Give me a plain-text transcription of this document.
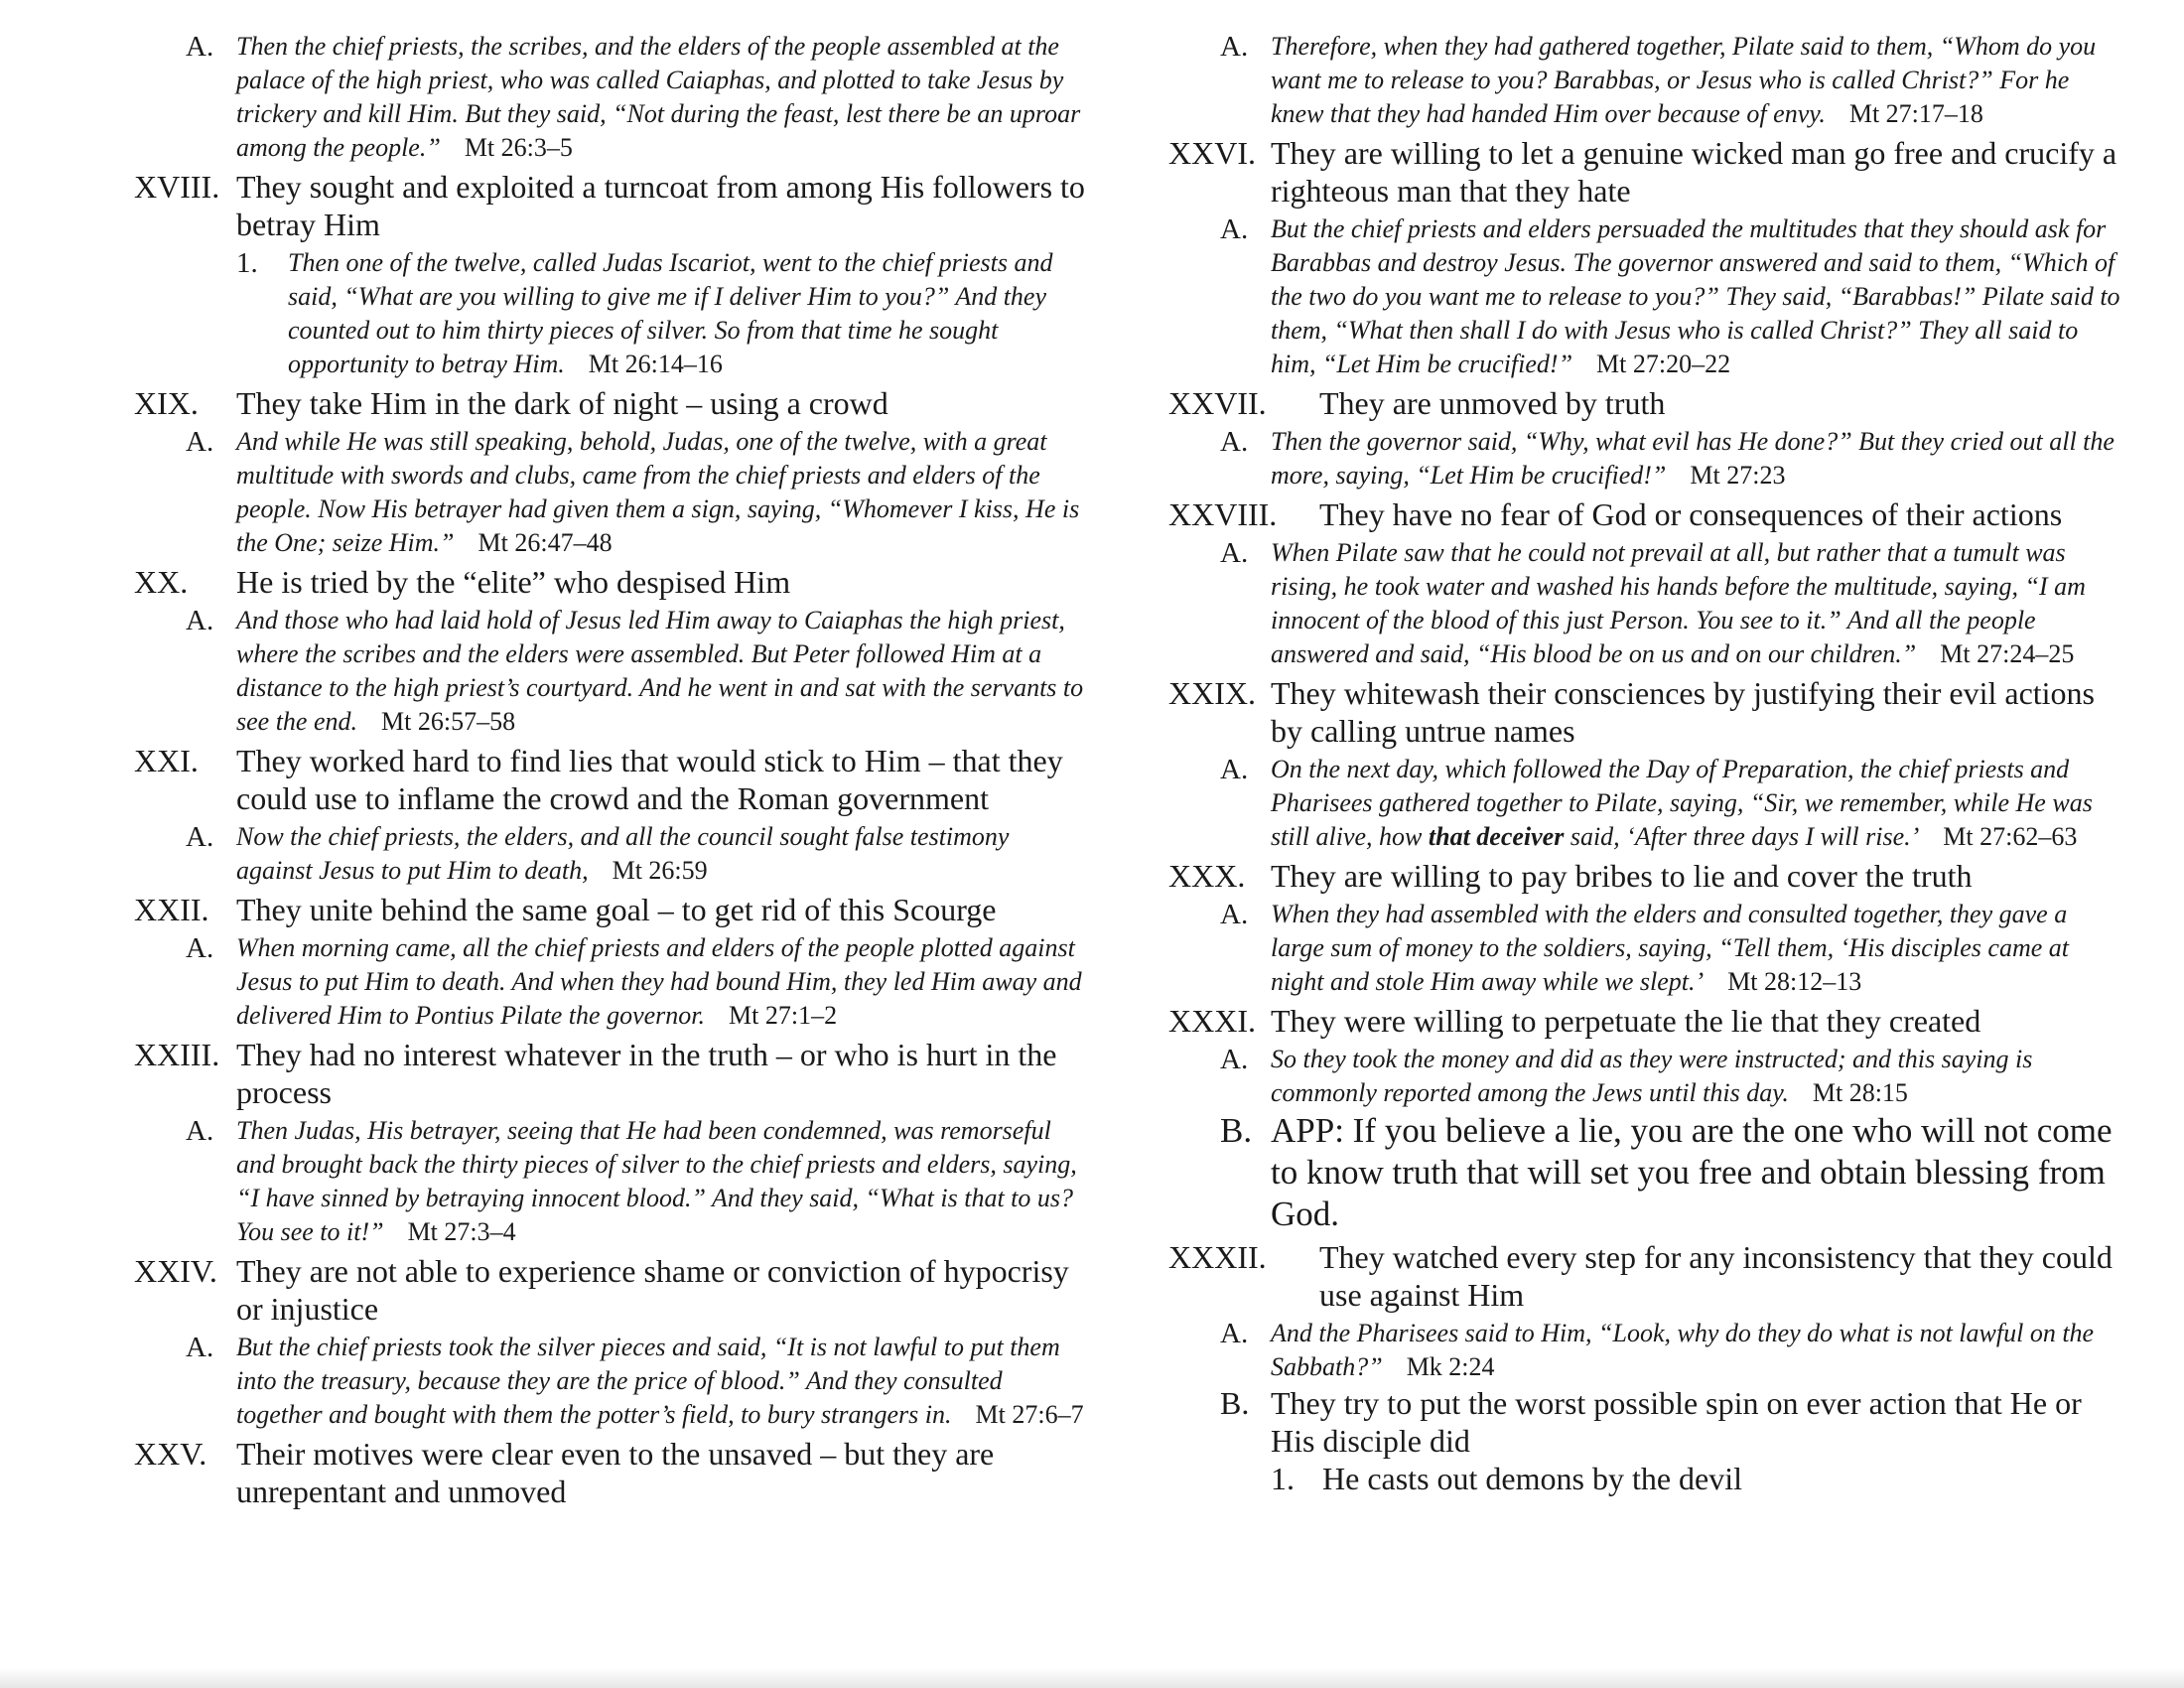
A. Then the chief priests, the scribes, and the elders of the people assembled at the palace of the high priest, who was called Caiaphas, and plotted to take Jesus by trickery and kill Him. But they said, “Not during the feast, lest there be an uproar among the people.” Mt 26:3–5
XVIII. They sought and exploited a turncoat from among His followers to betray Him
1. Then one of the twelve, called Judas Iscariot, went to the chief priests and said, “What are you willing to give me if I deliver Him to you?” And they counted out to him thirty pieces of silver. So from that time he sought opportunity to betray Him. Mt 26:14–16
XIX. They take Him in the dark of night – using a crowd
A. And while He was still speaking, behold, Judas, one of the twelve, with a great multitude with swords and clubs, came from the chief priests and elders of the people. Now His betrayer had given them a sign, saying, “Whomever I kiss, He is the One; seize Him.” Mt 26:47–48
XX. He is tried by the “elite” who despised Him
A. And those who had laid hold of Jesus led Him away to Caiaphas the high priest, where the scribes and the elders were assembled. But Peter followed Him at a distance to the high priest’s courtyard. And he went in and sat with the servants to see the end. Mt 26:57–58
XXI. They worked hard to find lies that would stick to Him – that they could use to inflame the crowd and the Roman government
A. Now the chief priests, the elders, and all the council sought false testimony against Jesus to put Him to death, Mt 26:59
XXII. They unite behind the same goal – to get rid of this Scourge
A. When morning came, all the chief priests and elders of the people plotted against Jesus to put Him to death. And when they had bound Him, they led Him away and delivered Him to Pontius Pilate the governor. Mt 27:1–2
XXIII. They had no interest whatever in the truth – or who is hurt in the process
A. Then Judas, His betrayer, seeing that He had been condemned, was remorseful and brought back the thirty pieces of silver to the chief priests and elders, saying, “I have sinned by betraying innocent blood.” And they said, “What is that to us? You see to it!” Mt 27:3–4
XXIV. They are not able to experience shame or conviction of hypocrisy or injustice
A. But the chief priests took the silver pieces and said, “It is not lawful to put them into the treasury, because they are the price of blood.” And they consulted together and bought with them the potter’s field, to bury strangers in. Mt 27:6–7
XXV. Their motives were clear even to the unsaved – but they are unrepentant and unmoved
A. Therefore, when they had gathered together, Pilate said to them, “Whom do you want me to release to you? Barabbas, or Jesus who is called Christ?” For he knew that they had handed Him over because of envy. Mt 27:17–18
XXVI. They are willing to let a genuine wicked man go free and crucify a righteous man that they hate
A. But the chief priests and elders persuaded the multitudes that they should ask for Barabbas and destroy Jesus. The governor answered and said to them, “Which of the two do you want me to release to you?” They said, “Barabbas!” Pilate said to them, “What then shall I do with Jesus who is called Christ?” They all said to him, “Let Him be crucified!” Mt 27:20–22
XXVII. They are unmoved by truth
A. Then the governor said, “Why, what evil has He done?” But they cried out all the more, saying, “Let Him be crucified!” Mt 27:23
XXVIII. They have no fear of God or consequences of their actions
A. When Pilate saw that he could not prevail at all, but rather that a tumult was rising, he took water and washed his hands before the multitude, saying, “I am innocent of the blood of this just Person. You see to it.” And all the people answered and said, “His blood be on us and on our children.” Mt 27:24–25
XXIX. They whitewash their consciences by justifying their evil actions by calling untrue names
A. On the next day, which followed the Day of Preparation, the chief priests and Pharisees gathered together to Pilate, saying, “Sir, we remember, while He was still alive, how that deceiver said, ‘After three days I will rise.’ Mt 27:62–63
XXX. They are willing to pay bribes to lie and cover the truth
A. When they had assembled with the elders and consulted together, they gave a large sum of money to the soldiers, saying, “Tell them, ‘His disciples came at night and stole Him away while we slept.’ Mt 28:12–13
XXXI. They were willing to perpetuate the lie that they created
A. So they took the money and did as they were instructed; and this saying is commonly reported among the Jews until this day. Mt 28:15
B. APP: If you believe a lie, you are the one who will not come to know truth that will set you free and obtain blessing from God.
XXXII. They watched every step for any inconsistency that they could use against Him
A. And the Pharisees said to Him, “Look, why do they do what is not lawful on the Sabbath?” Mk 2:24
B. They try to put the worst possible spin on ever action that He or His disciple did
1. He casts out demons by the devil
